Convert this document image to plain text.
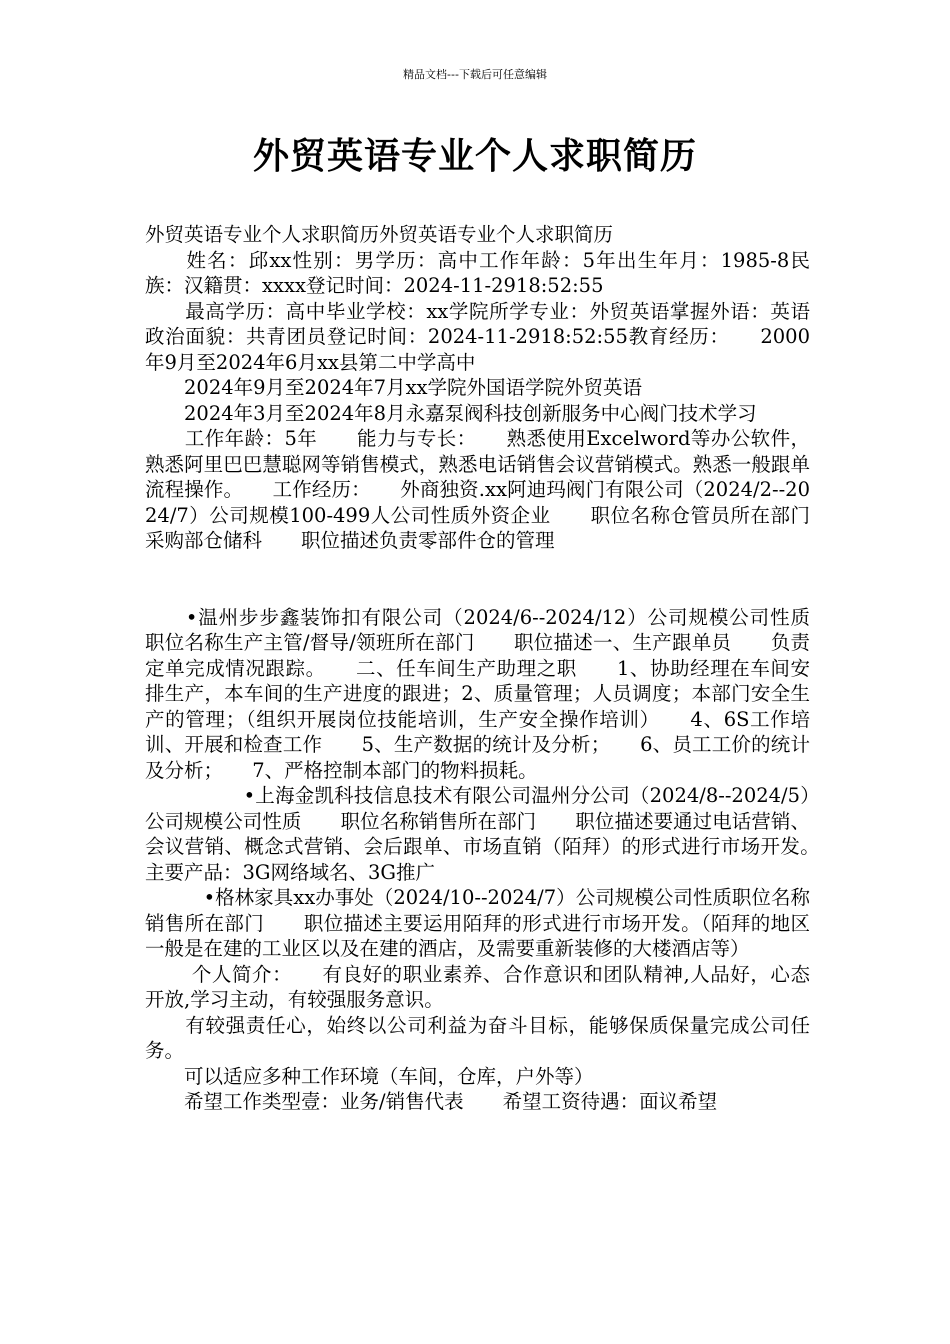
精品文档---下载后可任意编辑
外贸英语专业个人求职简历

外贸英语专业个人求职简历外贸英语专业个人求职简历

　　姓名：邱xx性别：男学历：高中工作年龄：5年出生年月：1985-8民族：汉籍贯：xxxx登记时间：2024-11-2918:52:55

　　最高学历：高中毕业学校：xx学院所学专业：外贸英语掌握外语：英语政治面貌：共青团员登记时间：2024-11-2918:52:55教育经历：　　2000年9月至2024年6月xx县第二中学高中

　　2024年9月至2024年7月xx学院外国语学院外贸英语

　　2024年3月至2024年8月永嘉泵阀科技创新服务中心阀门技术学习

　　工作年龄：5年　　能力与专长：　　熟悉使用Excelword等办公软件，熟悉阿里巴巴慧聪网等销售模式，熟悉电话销售会议营销模式。熟悉一般跟单流程操作。　　工作经历：　　外商独资.xx阿迪玛阀门有限公司（2024/2--2024/7）公司规模100-499人公司性质外资企业　　职位名称仓管员所在部门采购部仓储科　　职位描述负责零部件仓的管理

　　•温州步步鑫装饰扣有限公司（2024/6--2024/12）公司规模公司性质　　职位名称生产主管/督导/领班所在部门　　职位描述一、生产跟单员　　负责定单完成情况跟踪。　　二、任车间生产助理之职　　1、协助经理在车间安排生产，本车间的生产进度的跟进；2、质量管理；人员调度；本部门安全生产的管理；（组织开展岗位技能培训，生产安全操作培训）　　4、6S工作培训、开展和检查工作　　5、生产数据的统计及分析；　　6、员工工价的统计及分析；　　7、严格控制本部门的物料损耗。

　　　　　•上海金凯科技信息技术有限公司温州分公司（2024/8--2024/5）公司规模公司性质　　职位名称销售所在部门　　职位描述要通过电话营销、会议营销、概念式营销、会后跟单、市场直销（陌拜）的形式进行市场开发。　　主要产品：3G网络域名、3G推广

　　　•格林家具xx办事处（2024/10--2024/7）公司规模公司性质职位名称销售所在部门　　职位描述主要运用陌拜的形式进行市场开发。（陌拜的地区一般是在建的工业区以及在建的酒店，及需要重新装修的大楼酒店等）

　　 个人简介：　　有良好的职业素养、合作意识和团队精神,人品好，心态开放,学习主动，有较强服务意识。

　　有较强责任心，始终以公司利益为奋斗目标，能够保质保量完成公司任务。

　　可以适应多种工作环境（车间，仓库，户外等）

　　希望工作类型壹：业务/销售代表　　希望工资待遇：面议希望
